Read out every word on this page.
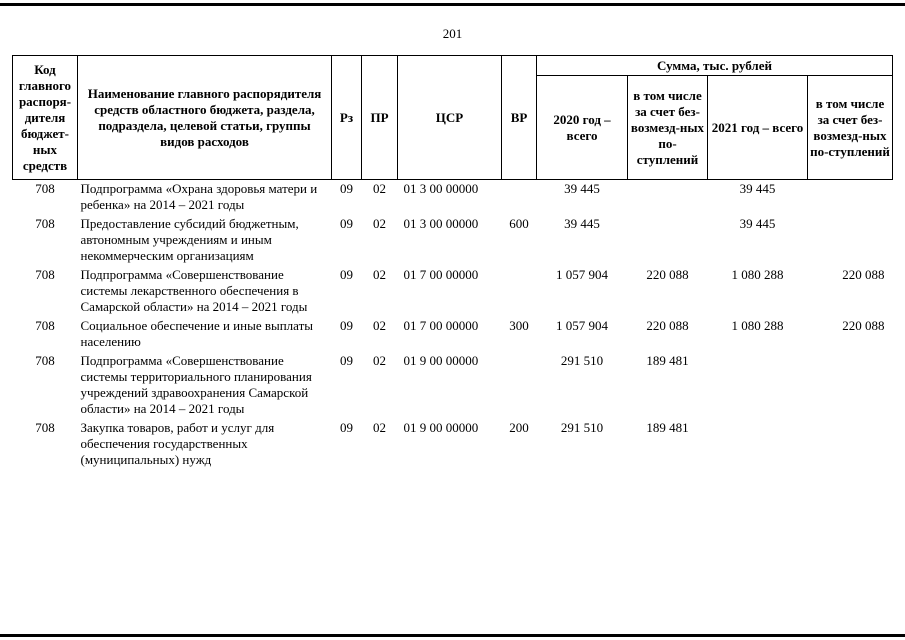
201
Код главного распоря-дителя бюджет-ных средств	Наименование главного распорядителя средств областного бюджета, раздела, подраздела, целевой статьи, группы видов расходов	Рз	ПР	ЦСР	ВР	Сумма, тыс. рублей			
						2020 год – всего	в том числе за счет без-возмезд-ных по-ступлений	2021 год – всего	в том числе за счет без-возмезд-ных по-ступлений
708	Подпрограмма «Охрана здоровья матери и ребенка» на 2014 – 2021 годы	09	02	01 3 00 00000		39 445		39 445	
708	Предоставление субсидий бюджетным, автономным учреждениям и иным некоммерческим организациям	09	02	01 3 00 00000	600	39 445		39 445	
708	Подпрограмма «Совершенствование системы лекарственного обеспечения в Самарской области» на 2014 – 2021 годы	09	02	01 7 00 00000		1 057 904	220 088	1 080 288	220 088
708	Социальное обеспечение и иные выплаты населению	09	02	01 7 00 00000	300	1 057 904	220 088	1 080 288	220 088
708	Подпрограмма «Совершенствование системы территориального планирования учреждений здравоохранения Самарской области» на 2014 – 2021 годы	09	02	01 9 00 00000		291 510	189 481		
708	Закупка товаров, работ и услуг для обеспечения государственных (муниципальных) нужд	09	02	01 9 00 00000	200	291 510	189 481		
